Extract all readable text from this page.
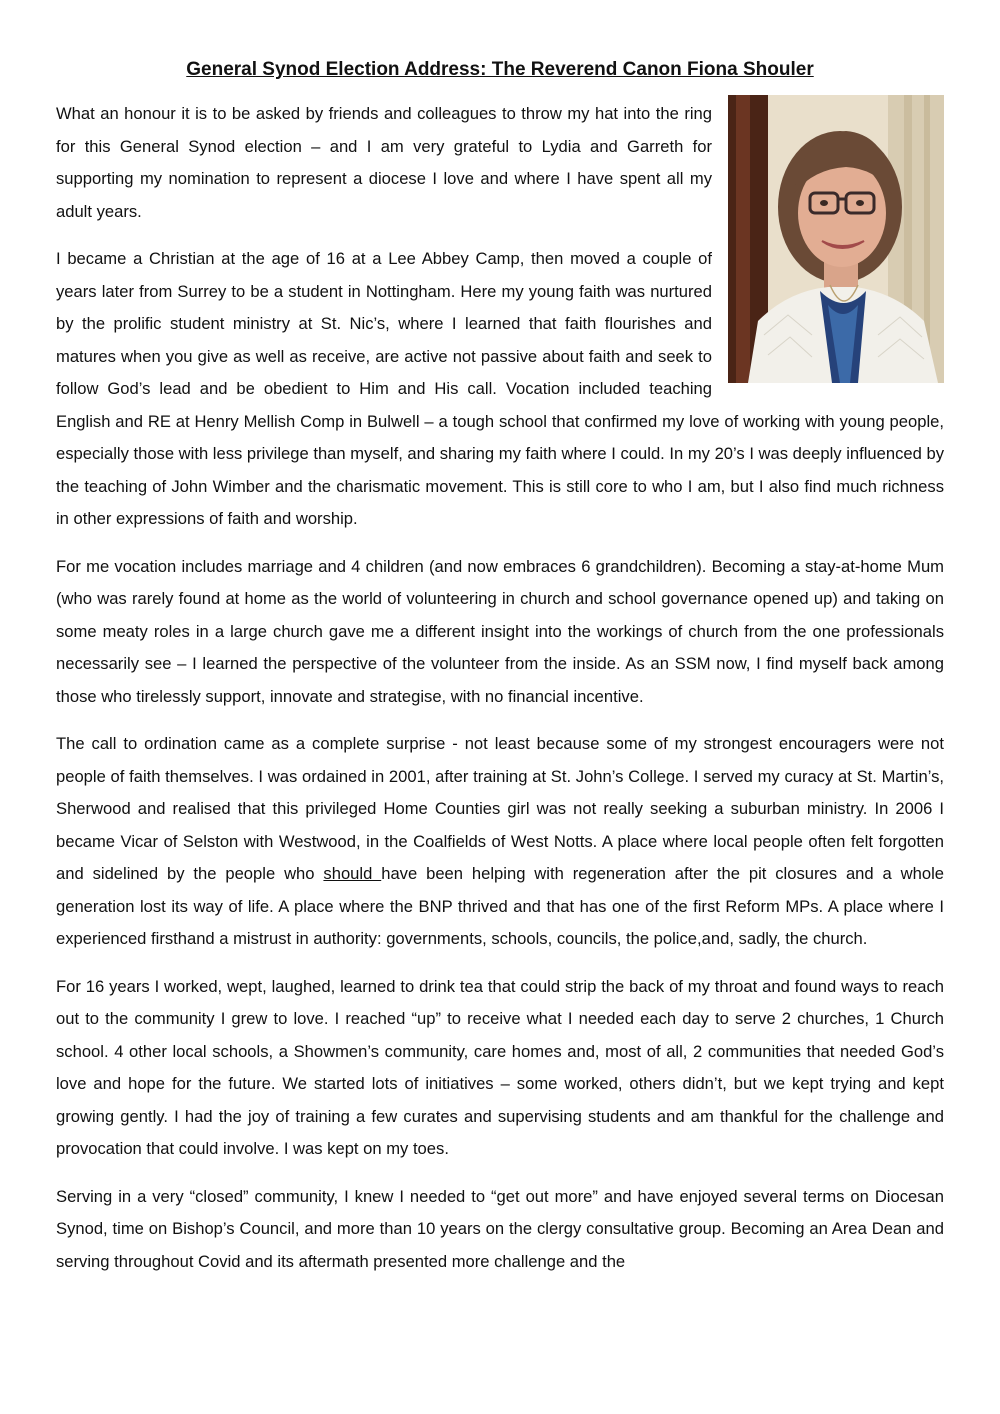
General Synod Election Address: The Reverend Canon Fiona Shouler

What an honour it is to be asked by friends and colleagues to throw my hat into the ring for this General Synod election – and I am very grateful to Lydia and Garreth for supporting my nomination to represent a diocese I love and where I have spent all my adult years.

I became a Christian at the age of 16 at a Lee Abbey Camp, then moved a couple of years later from Surrey to be a student in Nottingham. Here my young faith was nurtured by the prolific student ministry at St. Nic’s, where I learned that faith flourishes and matures when you give as well as receive, are active not passive about faith and seek to follow God’s lead and be obedient to Him and His call. Vocation included teaching English and RE at Henry Mellish Comp in Bulwell – a tough school that confirmed my love of working with young people, especially those with less privilege than myself, and sharing my faith where I could. In my 20’s I was deeply influenced by the teaching of John Wimber and the charismatic movement. This is still core to who I am, but I also find much richness in other expressions of faith and worship.

For me vocation includes marriage and 4 children (and now embraces 6 grandchildren). Becoming a stay-at-home Mum (who was rarely found at home as the world of volunteering in church and school governance opened up) and taking on some meaty roles in a large church gave me a different insight into the workings of church from the one professionals necessarily see – I learned the perspective of the volunteer from the inside. As an SSM now, I find myself back among those who tirelessly support, innovate and strategise, with no financial incentive.

The call to ordination came as a complete surprise - not least because some of my strongest encouragers were not people of faith themselves. I was ordained in 2001, after training at St. John’s College. I served my curacy at St. Martin’s, Sherwood and realised that this privileged Home Counties girl was not really seeking a suburban ministry. In 2006 I became Vicar of Selston with Westwood, in the Coalfields of West Notts. A place where local people often felt forgotten and sidelined by the people who should have been helping with regeneration after the pit closures and a whole generation lost its way of life. A place where the BNP thrived and that has one of the first Reform MPs. A place where I experienced firsthand a mistrust in authority: governments, schools, councils, the police,and, sadly, the church.

For 16 years I worked, wept, laughed, learned to drink tea that could strip the back of my throat and found ways to reach out to the community I grew to love. I reached “up” to receive what I needed each day to serve 2 churches, 1 Church school. 4 other local schools, a Showmen’s community, care homes and, most of all, 2 communities that needed God’s love and hope for the future. We started lots of initiatives – some worked, others didn’t, but we kept trying and kept growing gently. I had the joy of training a few curates and supervising students and am thankful for the challenge and provocation that could involve. I was kept on my toes.

Serving in a very “closed” community, I knew I needed to “get out more” and have enjoyed several terms on Diocesan Synod, time on Bishop’s Council, and more than 10 years on the clergy consultative group. Becoming an Area Dean and serving throughout Covid and its aftermath presented more challenge and the
